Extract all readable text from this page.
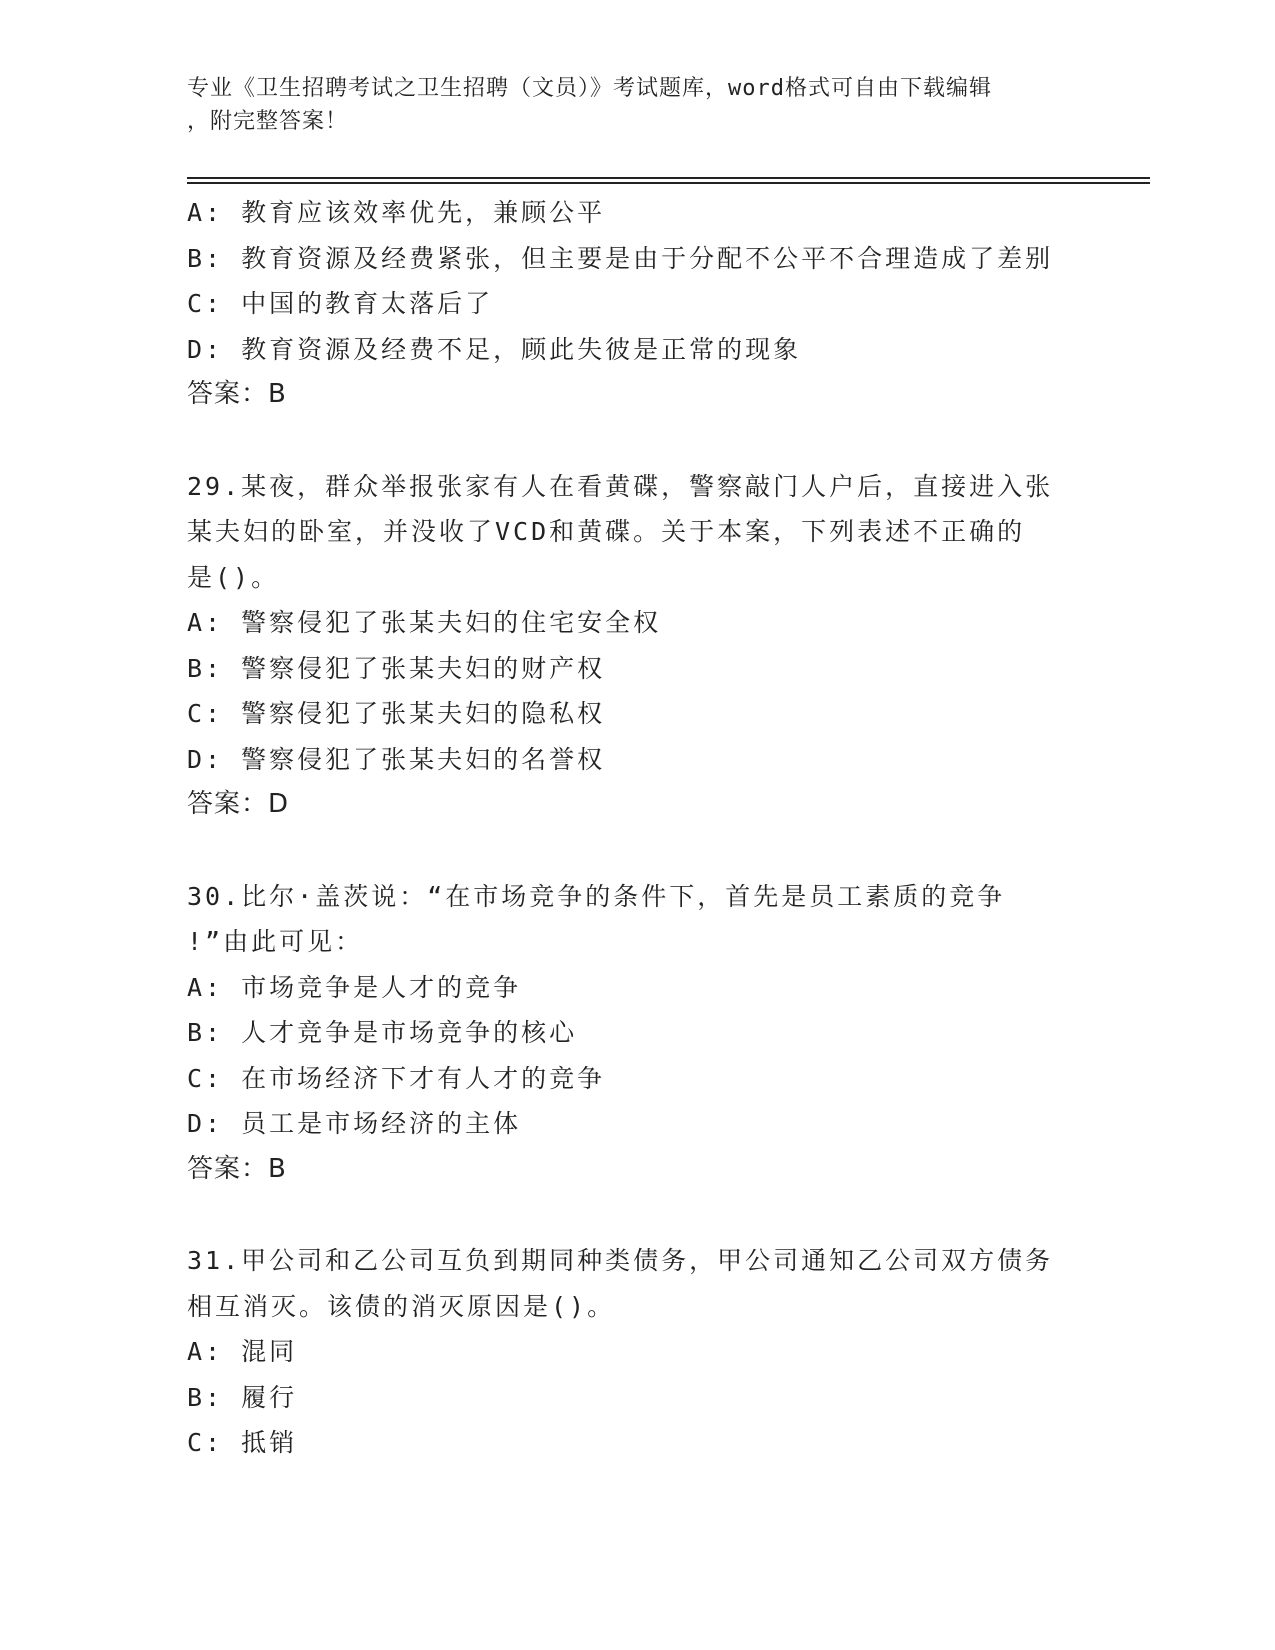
专业《卫生招聘考试之卫生招聘（文员）》考试题库，word格式可自由下载编辑
，附完整答案！
A: 教育应该效率优先，兼顾公平
B: 教育资源及经费紧张，但主要是由于分配不公平不合理造成了差别
C: 中国的教育太落后了
D: 教育资源及经费不足，顾此失彼是正常的现象
答案：B
29.某夜，群众举报张家有人在看黄碟，警察敲门人户后，直接进入张
某夫妇的卧室，并没收了VCD和黄碟。关于本案，下列表述不正确的
是()。
A: 警察侵犯了张某夫妇的住宅安全权
B: 警察侵犯了张某夫妇的财产权
C: 警察侵犯了张某夫妇的隐私权
D: 警察侵犯了张某夫妇的名誉权
答案：D
30.比尔·盖茨说：“在市场竞争的条件下，首先是员工素质的竞争
!”由此可见：
A: 市场竞争是人才的竞争
B: 人才竞争是市场竞争的核心
C: 在市场经济下才有人才的竞争
D: 员工是市场经济的主体
答案：B
31.甲公司和乙公司互负到期同种类债务，甲公司通知乙公司双方债务
相互消灭。该债的消灭原因是()。
A: 混同
B: 履行
C: 抵销
